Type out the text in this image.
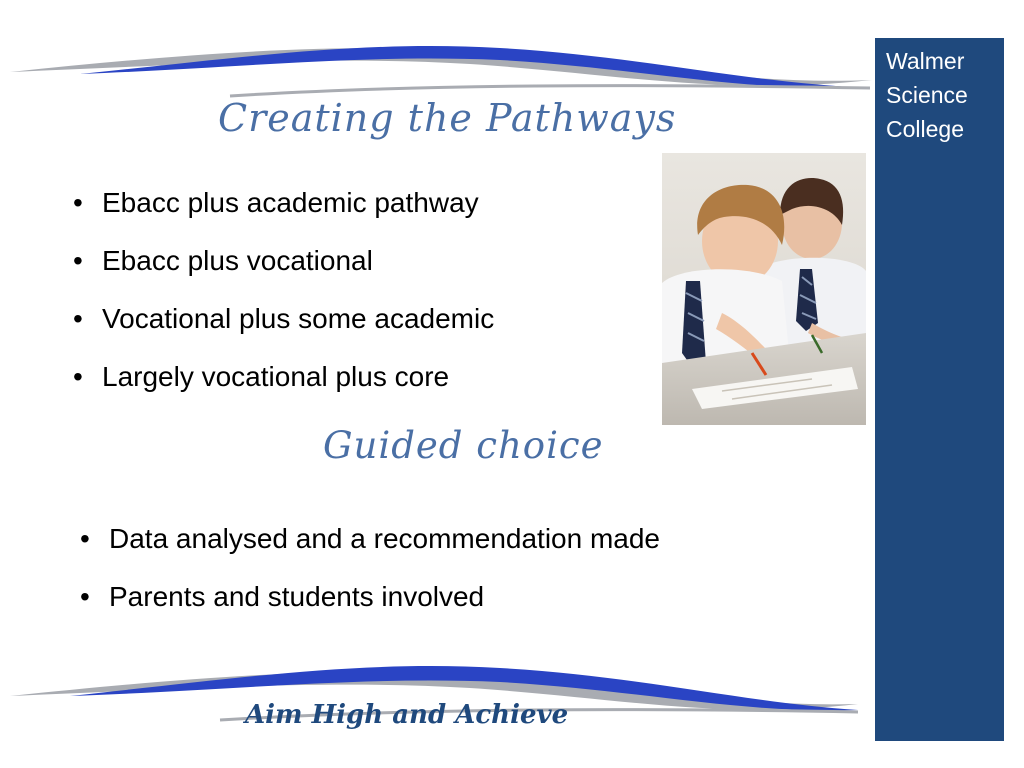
Walmer
Science
College
Creating the Pathways
• Ebacc plus academic pathway
• Ebacc plus vocational
• Vocational plus some academic
• Largely vocational plus core
Guided choice
• Data analysed and a recommendation made
• Parents and students involved
Aim High and Achieve
